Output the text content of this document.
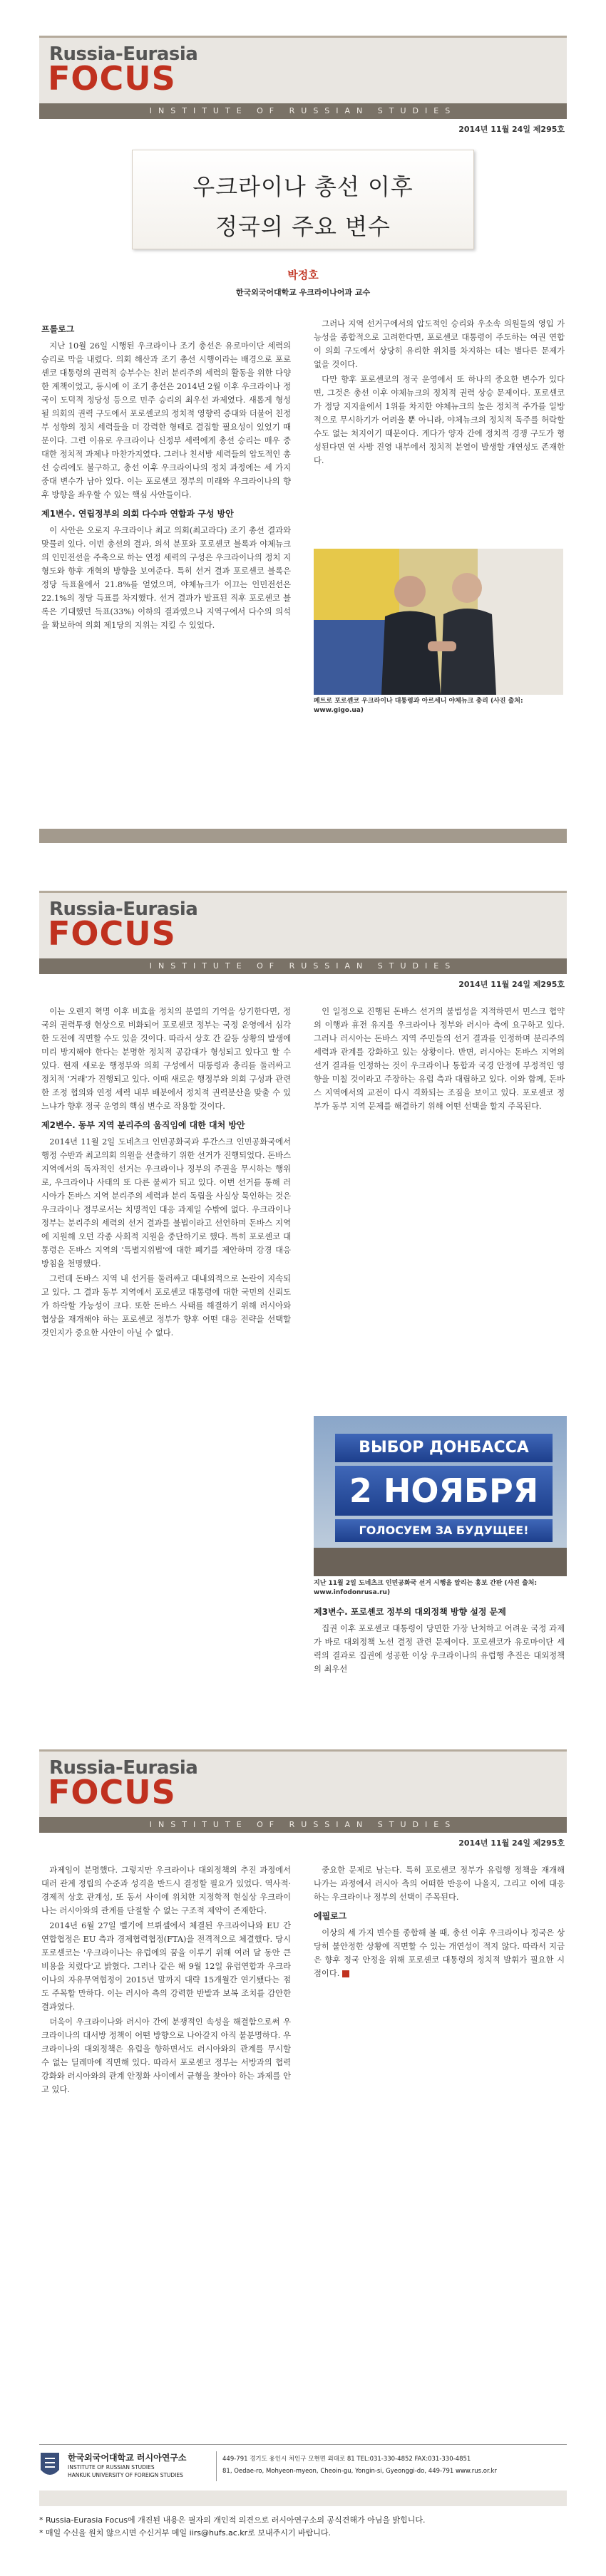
Russia-Eurasia
FOCUS
INSTITUTE OF RUSSIAN STUDIES
2014년 11월 24일 제295호
우크라이나 총선 이후
정국의 주요 변수
박정호
한국외국어대학교 우크라이나어과 교수
프롤로그

지난 10월 26일 시행된 우크라이나 조기 총선은 유로마이단 세력의 승리로 막을 내렸다. 의회 해산과 조기 총선 시행이라는 배경으로 포로셴코 대통령의 권력적 승부수는 친러 분리주의 세력의 활동을 위한 다양한 계책이었고, 동시에 이 조기 총선은 2014년 2월 이후 우크라이나 정국이 도덕적 정당성 등으로 민주 승리의 최우선 과제였다. 새롭게 형성될 의회의 권력 구도에서 포로셴코의 정치적 영향력 증대와 더불어 친정부 성향의 정치 세력들을 더 강력한 형태로 결집할 필요성이 있었기 때문이다. 그런 이유로 우크라이나 신정부 세력에게 총선 승리는 매우 중대한 정치적 과제나 마찬가지였다. 그러나 친서방 세력들의 압도적인 총선 승리에도 불구하고, 총선 이후 우크라이나의 정치 과정에는 세 가지 중대 변수가 남아 있다. 이는 포로셴코 정부의 미래와 우크라이나의 향후 방향을 좌우할 수 있는 핵심 사안들이다.

제1변수. 연립정부의 의회 다수파 연합과 구성 방안

이 사안은 오로지 우크라이나 최고 의회(최고라다) 조기 총선 결과와 맞물려 있다. 이번 총선의 결과, 의석 분포와 포로셴코 블록과 야체뉴크의 인민전선을 주축으로 하는 연정 세력의 구성은 우크라이나의 정치 지형도와 향후 개혁의 방향을 보여준다. 특히 선거 결과 포로셴코 블록은 정당 득표율에서 21.8%를 얻었으며, 야체뉴크가 이끄는 인민전선은 22.1%의 정당 득표를 차지했다. 선거 결과가 발표된 직후 포로셴코 블록은 기대했던 득표(33%) 이하의 결과였으나 지역구에서 다수의 의석을 확보하여 의회 제1당의 지위는 지킬 수 있었다.

그러나 지역 선거구에서의 압도적인 승리와 우소속 의원들의 영입 가능성을 종합적으로 고려한다면, 포로셴코 대통령이 주도하는 여권 연합이 의회 구도에서 상당히 유리한 위치를 차지하는 데는 별다른 문제가 없을 것이다.

다만 향후 포로셴코의 정국 운영에서 또 하나의 중요한 변수가 있다면, 그것은 총선 이후 야체뉴크의 정치적 권력 상승 문제이다. 포로셴코가 정당 지지율에서 1위를 차지한 야체뉴크의 높은 정치적 주가를 일방적으로 무시하기가 어려울 뿐 아니라, 야체뉴크의 정치적 독주를 허락할 수도 없는 처지이기 때문이다. 게다가 양자 간에 정치적 경쟁 구도가 형성된다면 연 사방 진영 내부에서 정치적 분열이 발생할 개연성도 존재한다.

페트로 포로셴코 우크라이나 대통령과 아르세니 야체뉴크 총리 (사진 출처: www.gigo.ua)
Russia-Eurasia
FOCUS
INSTITUTE OF RUSSIAN STUDIES
2014년 11월 24일 제295호

이는 오렌지 혁명 이후 비효율 정치의 분열의 기억을 상기한다면, 정국의 권력투쟁 현상으로 비화되어 포로셴코 정부는 국정 운영에서 심각한 도전에 직면할 수도 있을 것이다. 따라서 상호 간 갈등 상황의 발생에 미리 방지해야 한다는 분명한 정치적 공감대가 형성되고 있다고 할 수 있다. 현재 새로운 행정부와 의회 구성에서 대통령과 총리를 둘러싸고 정치적 '거래'가 진행되고 있다. 이때 새로운 행정부와 의회 구성과 관련한 조정 협의와 연정 세력 내부 배분에서 정치적 권력분산을 맞출 수 있느냐가 향후 정국 운영의 핵심 변수로 작용할 것이다.

제2변수. 동부 지역 분리주의 움직임에 대한 대처 방안

2014년 11월 2일 도네츠크 인민공화국과 루간스크 인민공화국에서 행정 수반과 최고의회 의원을 선출하기 위한 선거가 진행되었다. 돈바스 지역에서의 독자적인 선거는 우크라이나 정부의 주권을 무시하는 행위로, 우크라이나 사태의 또 다른 불씨가 되고 있다. 이번 선거를 통해 러시아가 돈바스 지역 분리주의 세력과 분리 독립을 사실상 묵인하는 것은 우크라이나 정부로서는 치명적인 대응 과제일 수밖에 없다. 우크라이나 정부는 분리주의 세력의 선거 결과를 불법이라고 선언하며 돈바스 지역에 지원해 오던 각종 사회적 지원을 중단하기로 했다. 특히 포로셴코 대통령은 돈바스 지역의 '특별지위법'에 대한 폐기를 제안하며 강경 대응 방침을 천명했다.

그런데 돈바스 지역 내 선거를 둘러싸고 대내외적으로 논란이 지속되고 있다. 그 결과 동부 지역에서 포로셴코 대통령에 대한 국민의 신뢰도가 하락할 가능성이 크다. 또한 돈바스 사태를 해결하기 위해 러시아와 협상을 재개해야 하는 포로셴코 정부가 향후 어떤 대응 전략을 선택할 것인지가 중요한 사안이 아닐 수 없다.

인 일정으로 진행된 돈바스 선거의 불법성을 지적하면서 민스크 협약의 이행과 휴전 유지를 우크라이나 정부와 러시아 측에 요구하고 있다. 그러나 러시아는 돈바스 지역 주민들의 선거 결과를 인정하며 분리주의 세력과 관계를 강화하고 있는 상황이다. 반면, 러시아는 돈바스 지역의 선거 결과를 인정하는 것이 우크라이나 통합과 국경 안정에 부정적인 영향을 미칠 것이라고 주장하는 유럽 측과 대립하고 있다. 이와 함께, 돈바스 지역에서의 교전이 다시 격화되는 조짐을 보이고 있다. 포로셴코 정부가 동부 지역 문제를 해결하기 위해 어떤 선택을 할지 주목된다.

ВЫБОР ДОНБАССА
2 НОЯБРЯ
ГОЛОСУЕМ ЗА БУДУЩЕЕ!
지난 11월 2일 도네츠크 인민공화국 선거 시행을 알리는 홍보 간판 (사진 출처: www.infodonrusa.ru)
제3변수. 포로셴코 정부의 대외정책 방향 설정 문제

집권 이후 포로셴코 대통령이 당면한 가장 난처하고 어려운 국정 과제가 바로 대외정책 노선 결정 관련 문제이다. 포로셴코가 유로마이단 세력의 결과로 집권에 성공한 이상 우크라이나의 유럽행 추진은 대외정책의 최우선

Russia-Eurasia
FOCUS
INSTITUTE OF RUSSIAN STUDIES
2014년 11월 24일 제295호

과제임이 분명했다. 그렇지만 우크라이나 대외정책의 추진 과정에서 대러 관계 정립의 수준과 성격을 반드시 결정할 필요가 있었다. 역사적·경제적 상호 관계성, 또 동서 사이에 위치한 지정학적 현실상 우크라이나는 러시아와의 관계를 단절할 수 없는 구조적 제약이 존재한다.

2014년 6월 27일 벨기에 브뤼셀에서 체결된 우크라이나와 EU 간 연합협정은 EU 측과 경제협력협정(FTA)을 전격적으로 체결했다. 당시 포로셴코는 '우크라이나는 유럽에의 꿈을 이루기 위해 여러 달 동안 큰 비용을 치렀다'고 밝혔다. 그러나 같은 해 9월 12일 유럽연합과 우크라이나의 자유무역협정이 2015년 말까지 대략 15개월간 연기됐다는 점도 주목할 만하다. 이는 러시아 측의 강력한 반발과 보복 조치를 감안한 결과였다.

더욱이 우크라이나와 러시아 간에 분쟁적인 속성을 해결함으로써 우크라이나의 대서방 정책이 어떤 방향으로 나아갈지 아직 불분명하다. 우크라이나의 대외정책은 유럽을 향하면서도 러시아와의 관계를 무시할 수 없는 딜레마에 직면해 있다. 따라서 포로셴코 정부는 서방과의 협력 강화와 러시아와의 관계 안정화 사이에서 균형을 찾아야 하는 과제를 안고 있다.

중요한 문제로 남는다. 특히 포로셴코 정부가 유럽행 정책을 재개해 나가는 과정에서 러시아 측의 어떠한 반응이 나올지, 그리고 이에 대응하는 우크라이나 정부의 선택이 주목된다.

에필로그

이상의 세 가지 변수를 종합해 볼 때, 총선 이후 우크라이나 정국은 상당히 불안정한 상황에 직면할 수 있는 개연성이 적지 않다. 따라서 지금은 향후 정국 안정을 위해 포로셴코 대통령의 정치적 발휘가 필요한 시점이다.

한국외국어대학교 러시아연구소
INSTITUTE OF RUSSIAN STUDIES
HANKUK UNIVERSITY OF FOREIGN STUDIES
449-791 경기도 용인시 처인구 모현면 외대로 81 TEL:031-330-4852 FAX:031-330-4851
81, Oedae-ro, Mohyeon-myeon, Cheoin-gu, Yongin-si, Gyeonggi-do, 449-791 www.rus.or.kr
* Russia-Eurasia Focus에 개진된 내용은 필자의 개인적 의견으로 러시아연구소의 공식견해가 아님을 밝힙니다.
* 매일 수신을 원치 않으시면 수신거부 메일 iirs@hufs.ac.kr로 보내주시기 바랍니다.
